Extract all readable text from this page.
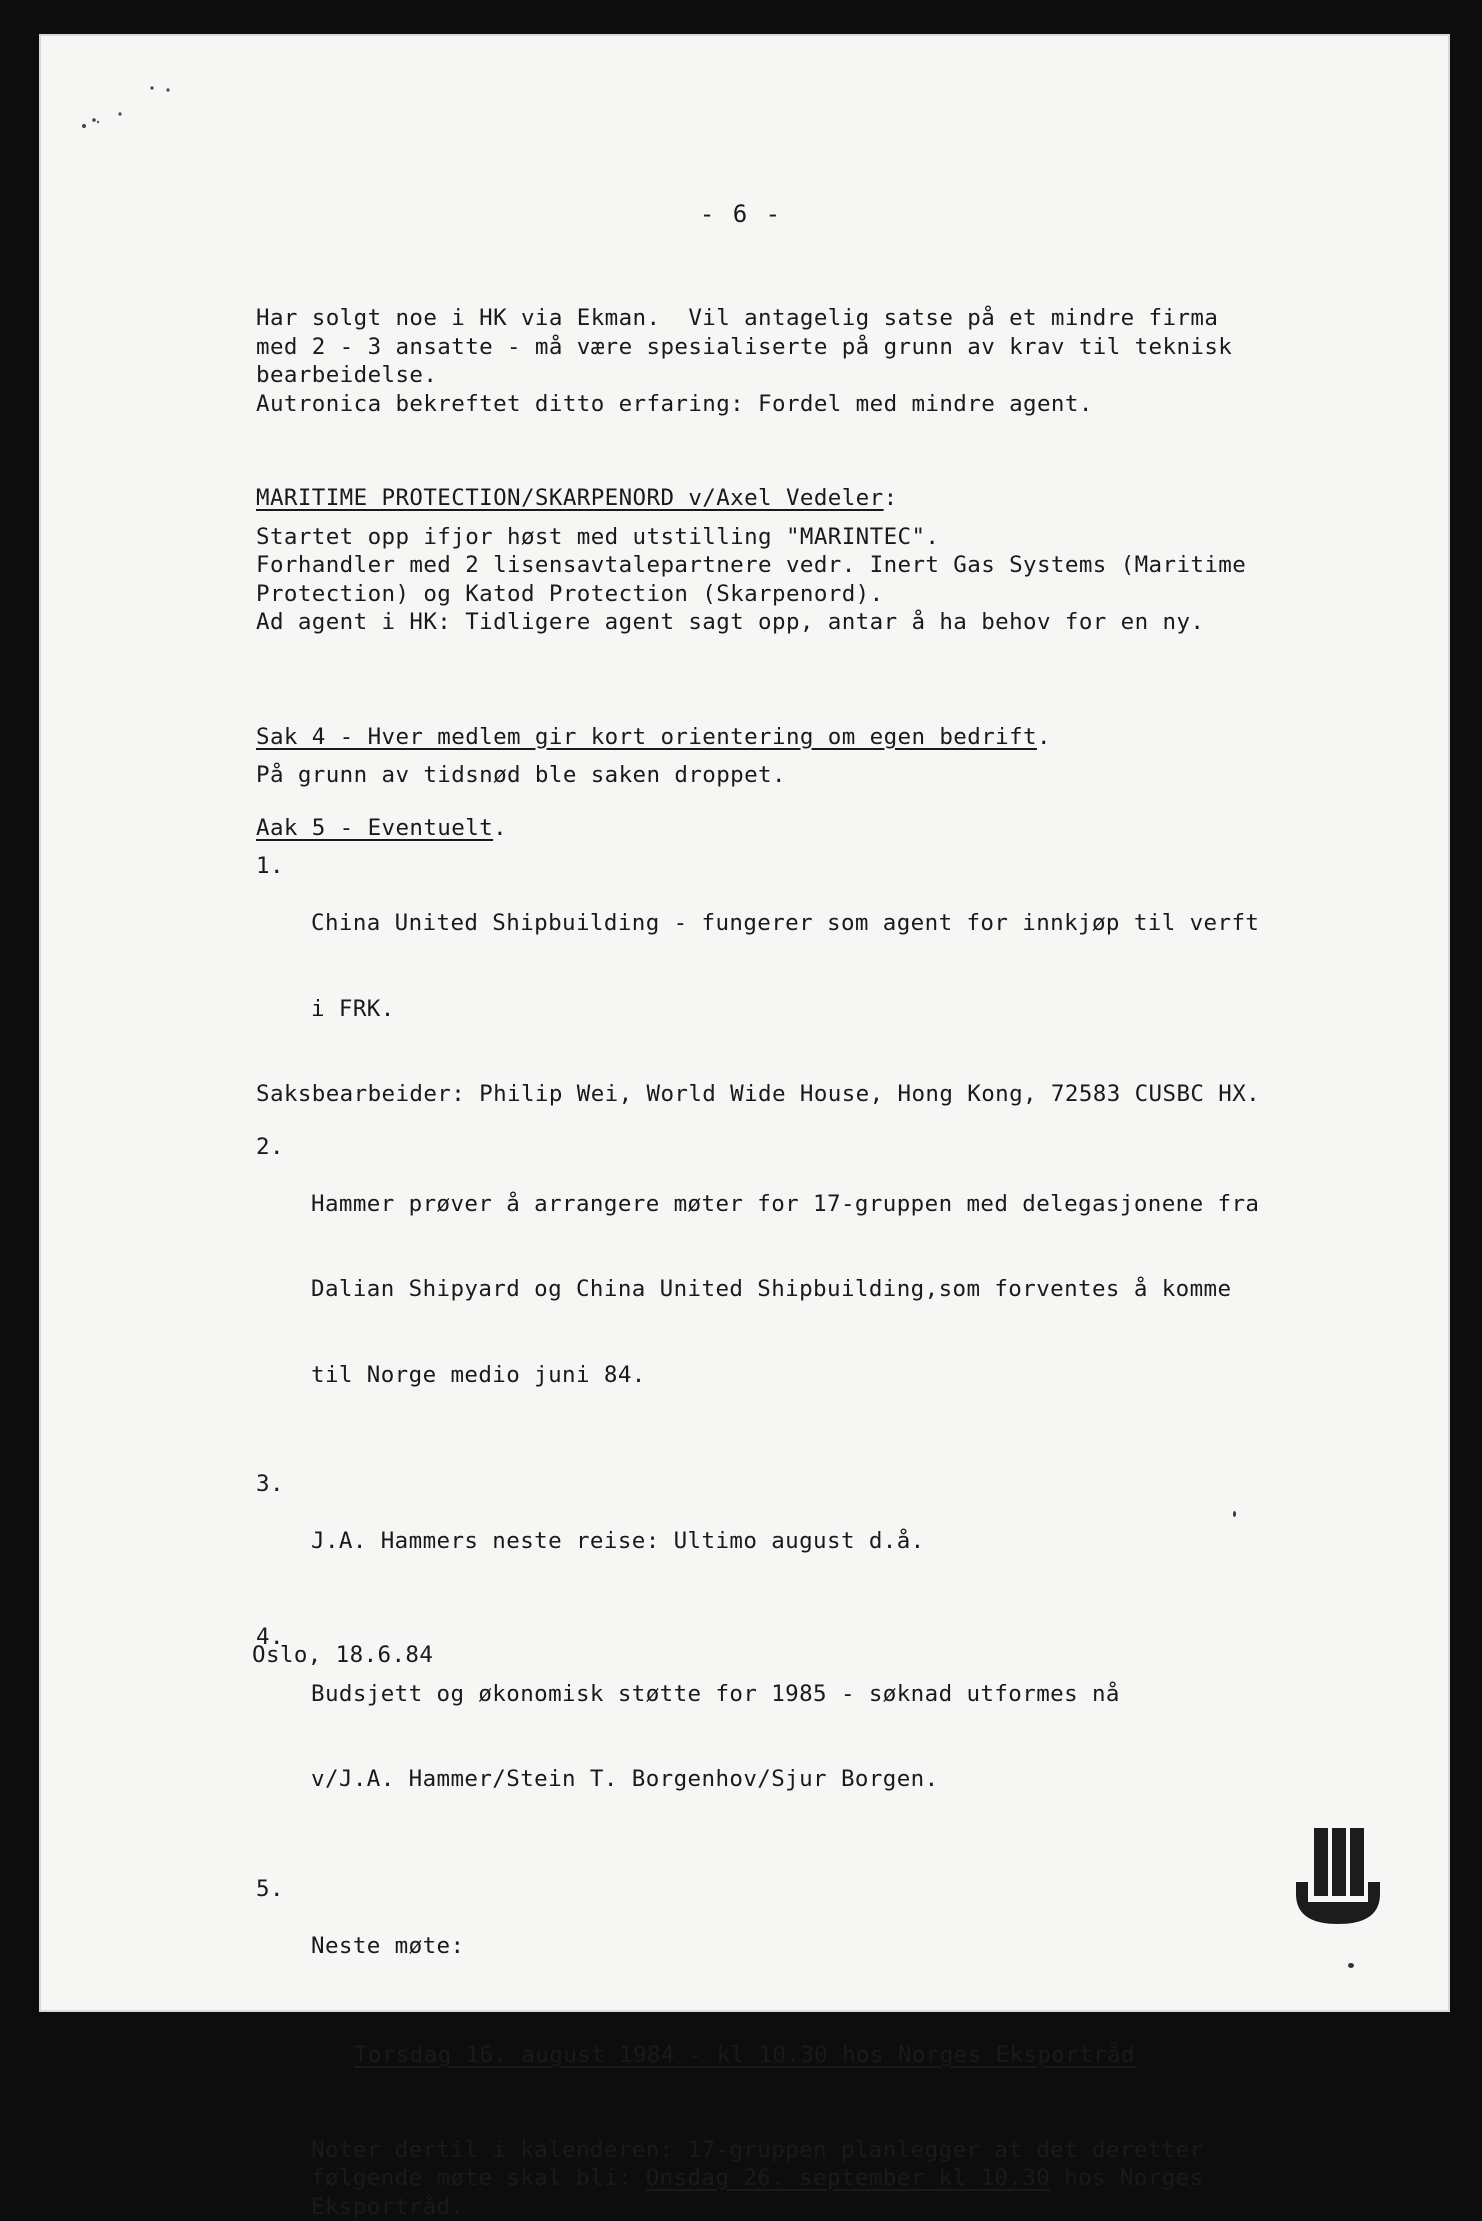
- 6 -

Har solgt noe i HK via Ekman.  Vil antagelig satse på et mindre firma

med 2 - 3 ansatte - må være spesialiserte på grunn av krav til teknisk

bearbeidelse.

Autronica bekreftet ditto erfaring: Fordel med mindre agent.

MARITIME PROTECTION/SKARPENORD v/Axel Vedeler:

Startet opp ifjor høst med utstilling "MARINTEC".

Forhandler med 2 lisensavtalepartnere vedr. Inert Gas Systems (Maritime

Protection) og Katod Protection (Skarpenord).

Ad agent i HK: Tidligere agent sagt opp, antar å ha behov for en ny.

Sak 4 - Hver medlem gir kort orientering om egen bedrift.

På grunn av tidsnød ble saken droppet.

Aak 5 - Eventuelt.

1.

China United Shipbuilding - fungerer som agent for innkjøp til verft

i FRK.

Saksbearbeider: Philip Wei, World Wide House, Hong Kong, 72583 CUSBC HX.

2.

Hammer prøver å arrangere møter for 17-gruppen med delegasjonene fra

Dalian Shipyard og China United Shipbuilding,som forventes å komme

til Norge medio juni 84.

3.

J.A. Hammers neste reise: Ultimo august d.å.

4.

Budsjett og økonomisk støtte for 1985 - søknad utformes nå

v/J.A. Hammer/Stein T. Borgenhov/Sjur Borgen.

5.

Neste møte:

Torsdag 16. august 1984 - kl 10.30 hos Norges Eksportråd

Noter dertil i kalenderen: 17-gruppen planlegger at det deretter

følgende møte skal bli: Onsdag 26. september kl 10.30 hos Norges

Eksportråd.

Oslo, 18.6.84
